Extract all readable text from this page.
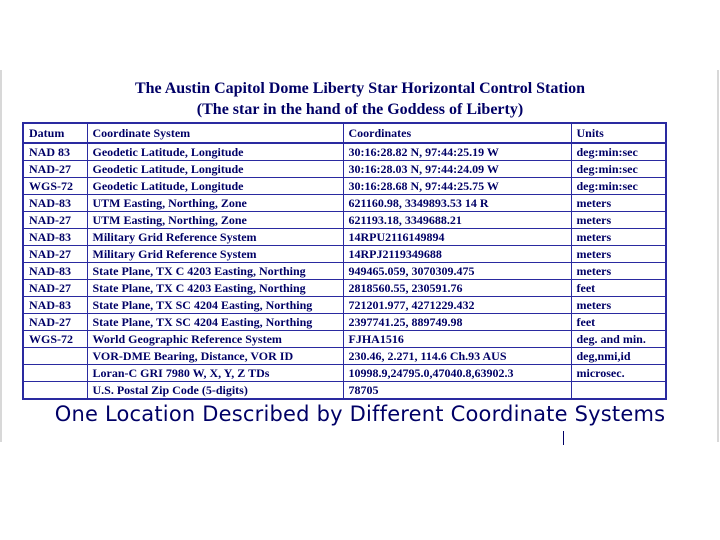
The Austin Capitol Dome Liberty Star Horizontal Control Station
(The star in the hand of the Goddess of Liberty)
Datum	Coordinate System	Coordinates	Units
NAD 83	Geodetic Latitude, Longitude	30:16:28.82 N, 97:44:25.19 W	deg:min:sec
NAD-27	Geodetic Latitude, Longitude	30:16:28.03 N, 97:44:24.09 W	deg:min:sec
WGS-72	Geodetic Latitude, Longitude	30:16:28.68 N, 97:44:25.75 W	deg:min:sec
NAD-83	UTM Easting, Northing, Zone	621160.98, 3349893.53 14 R	meters
NAD-27	UTM Easting, Northing, Zone	621193.18, 3349688.21	meters
NAD-83	Military Grid Reference System	14RPU2116149894	meters
NAD-27	Military Grid Reference System	14RPJ2119349688	meters
NAD-83	State Plane, TX C 4203 Easting, Northing	949465.059, 3070309.475	meters
NAD-27	State Plane, TX C 4203 Easting, Northing	2818560.55, 230591.76	feet
NAD-83	State Plane, TX SC 4204 Easting, Northing	721201.977, 4271229.432	meters
NAD-27	State Plane, TX SC 4204 Easting, Northing	2397741.25, 889749.98	feet
WGS-72	World Geographic Reference System	FJHA1516	deg. and min.
	VOR-DME Bearing, Distance, VOR ID	230.46, 2.271, 114.6 Ch.93 AUS	deg,nmi,id
	Loran-C GRI 7980 W, X, Y, Z TDs	10998.9,24795.0,47040.8,63902.3	microsec.
	U.S. Postal Zip Code (5-digits)	78705	
One Location Described by Different Coordinate Systems
